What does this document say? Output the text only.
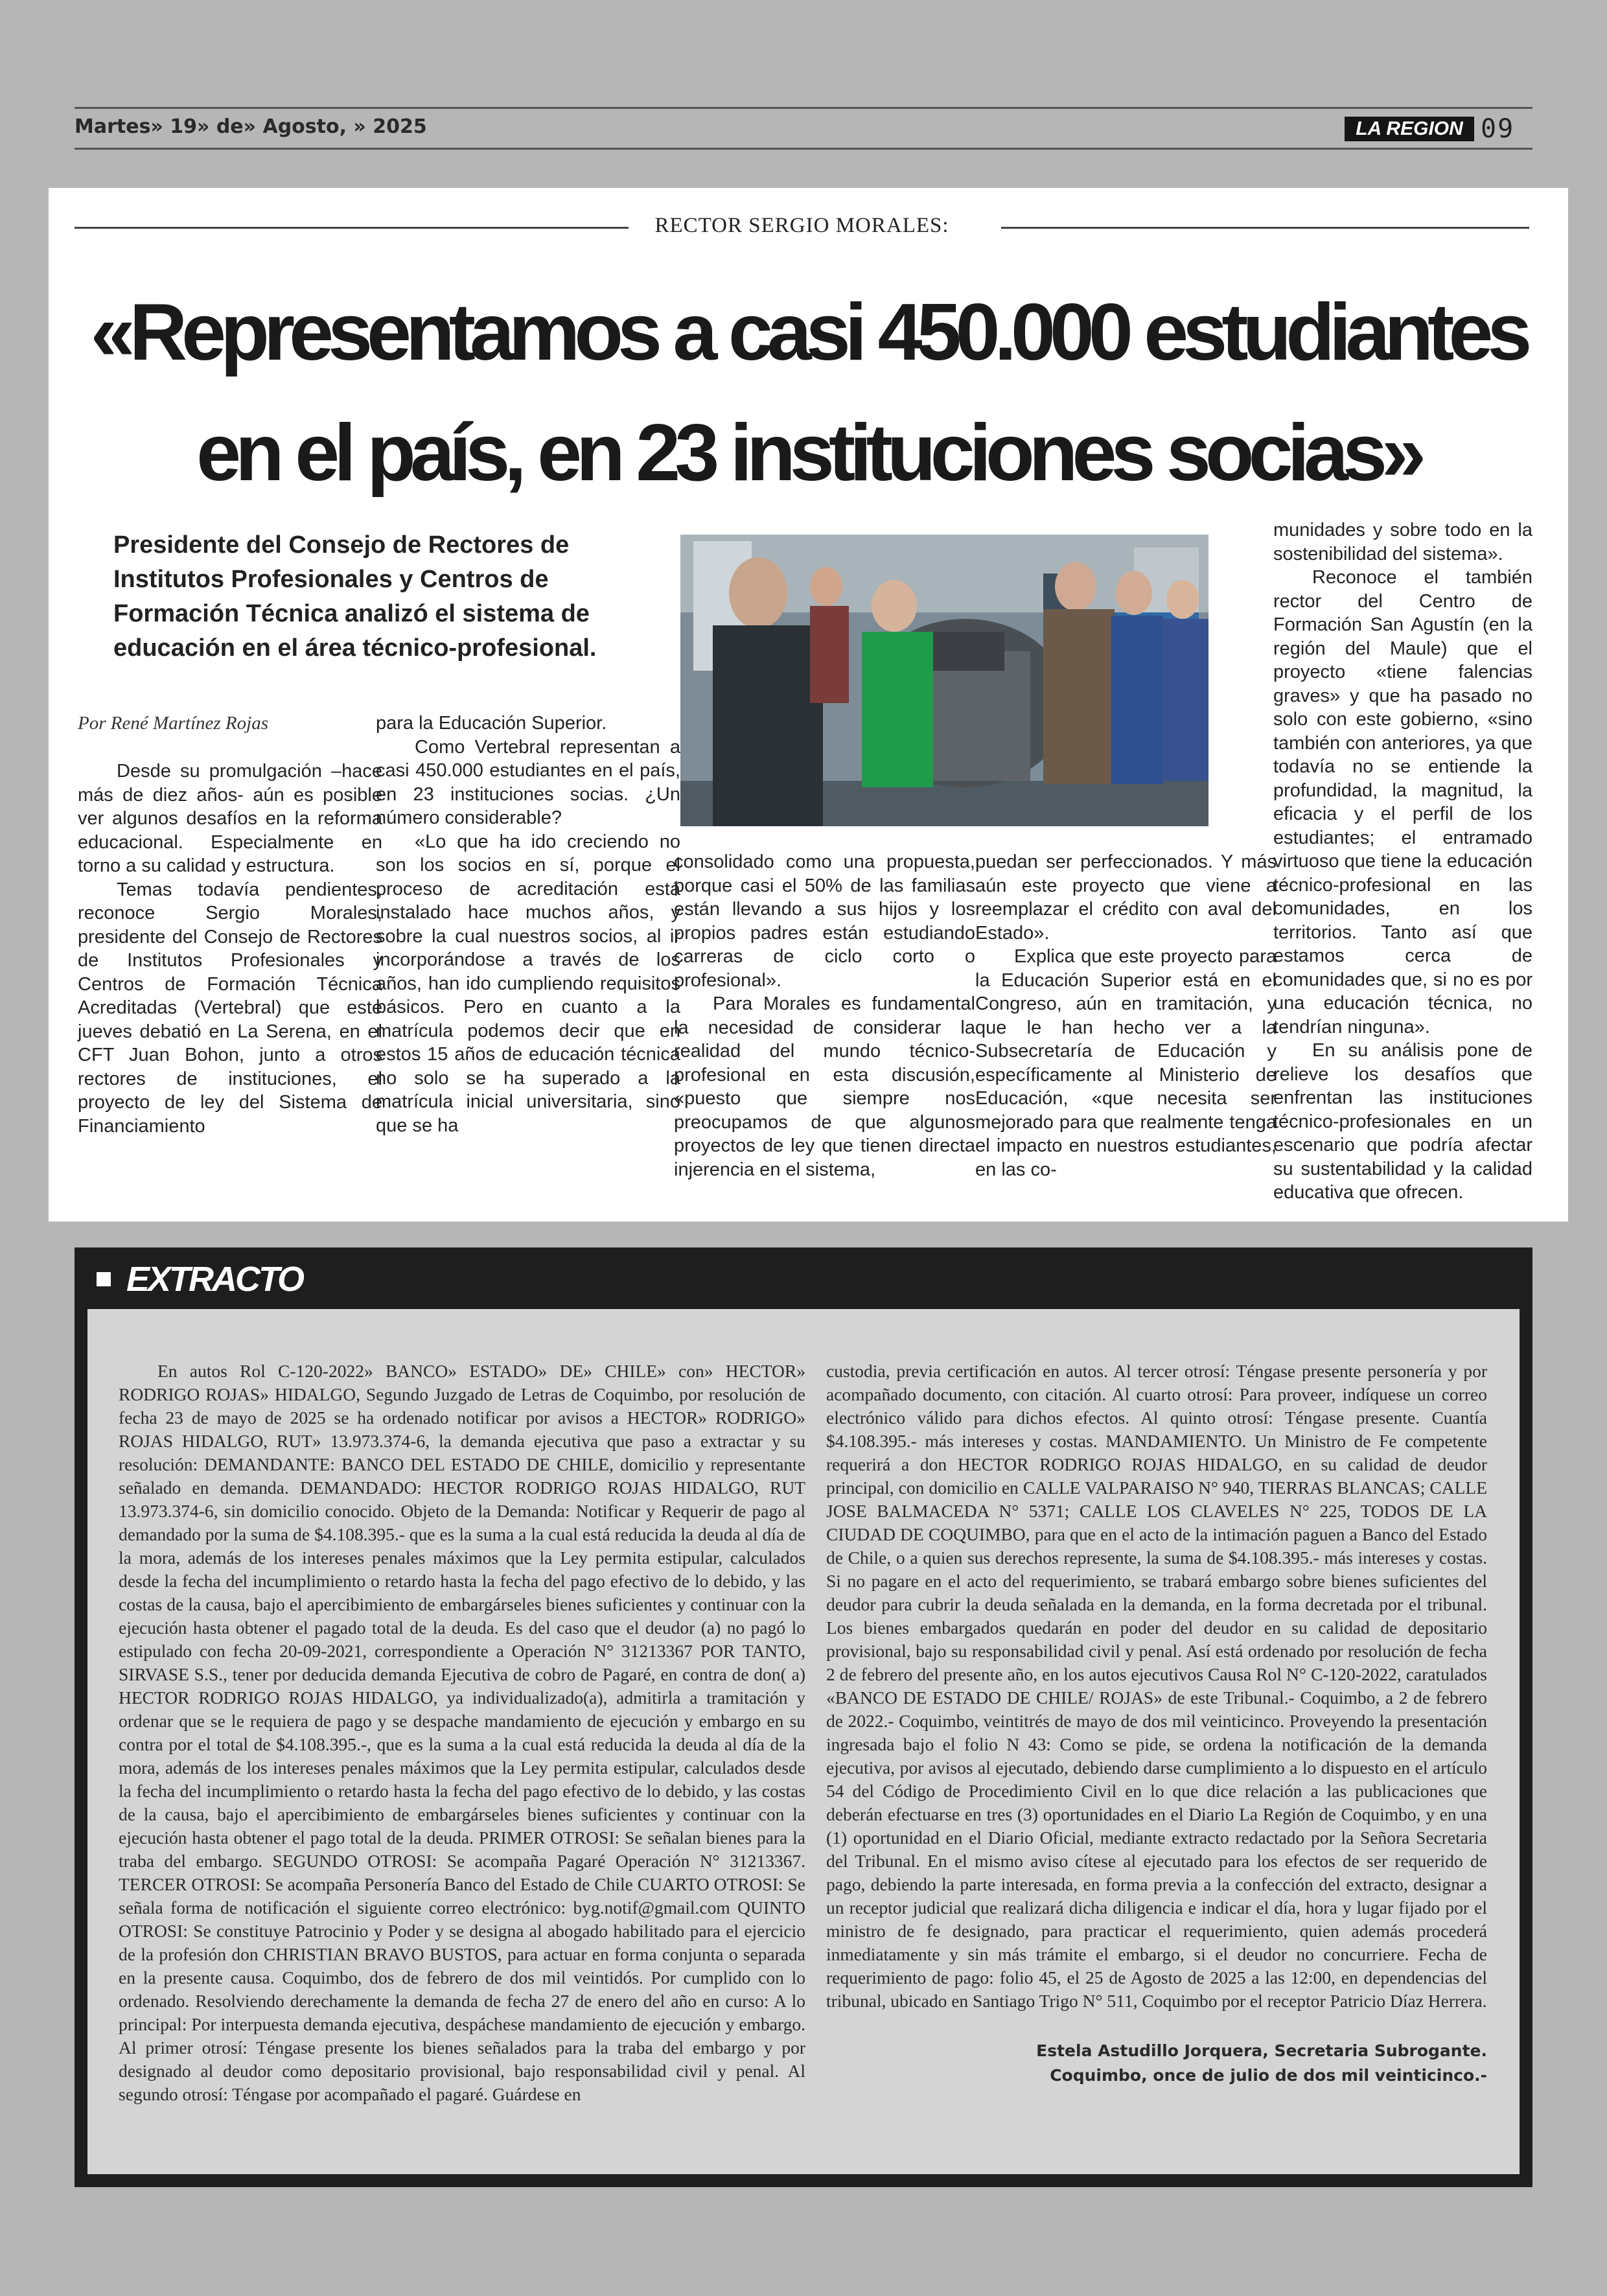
Martes» 19» de» Agosto, » 2025	LA REGION 09
RECTOR SERGIO MORALES:
«Representamos a casi 450.000 estudiantes
en el país, en 23 instituciones socias»
Presidente del Consejo de Rectores de Institutos Profesionales y Centros de Formación Técnica analizó el sistema de educación en el área técnico-profesional.
Por René Martínez Rojas

Desde su promulgación –hace más de diez años- aún es posible ver algunos desafíos en la reforma educacional. Especialmente en torno a su calidad y estructura.

Temas todavía pendientes, reconoce Sergio Morales, presidente del Consejo de Rectores de Institutos Profesionales y Centros de Formación Técnica Acreditadas (Vertebral) que este jueves debatió en La Serena, en el CFT Juan Bohon, junto a otros rectores de instituciones, el proyecto de ley del Sistema de Financiamiento

para la Educación Superior.

Como Vertebral representan a casi 450.000 estudiantes en el país, en 23 instituciones socias. ¿Un número considerable?

«Lo que ha ido creciendo no son los socios en sí, porque el proceso de acreditación está instalado hace muchos años, y sobre la cual nuestros socios, al ir incorporándose a través de los años, han ido cumpliendo requisitos básicos. Pero en cuanto a la matrícula podemos decir que en estos 15 años de educación técnica no solo se ha superado a la matrícula inicial universitaria, sino que se ha

consolidado como una propuesta, porque casi el 50% de las familias están llevando a sus hijos y los propios padres están estudiando carreras de ciclo corto o profesional».

Para Morales es fundamental la necesidad de considerar la realidad del mundo técnico-profesional en esta discusión, «puesto que siempre nos preocupamos de que algunos proyectos de ley que tienen directa injerencia en el sistema,

puedan ser perfeccionados. Y más aún este proyecto que viene a reemplazar el crédito con aval del Estado».

Explica que este proyecto para la Educación Superior está en el Congreso, aún en tramitación, y que le han hecho ver a la Subsecretaría de Educación y específicamente al Ministerio de Educación, «que necesita ser mejorado para que realmente tenga el impacto en nuestros estudiantes, en las co-

munidades y sobre todo en la sostenibilidad del sistema».

Reconoce el también rector del Centro de Formación San Agustín (en la región del Maule) que el proyecto «tiene falencias graves» y que ha pasado no solo con este gobierno, «sino también con anteriores, ya que todavía no se entiende la profundidad, la magnitud, la eficacia y el perfil de los estudiantes; el entramado virtuoso que tiene la educación técnico-profesional en las comunidades, en los territorios. Tanto así que estamos cerca de comunidades que, si no es por una educación técnica, no tendrían ninguna».

En su análisis pone de relieve los desafíos que enfrentan las instituciones técnico-profesionales en un escenario que podría afectar su sustentabilidad y la calidad educativa que ofrecen.

EXTRACTO

En autos Rol C-120-2022» BANCO» ESTADO» DE» CHILE» con» HECTOR» RODRIGO ROJAS» HIDALGO, Segundo Juzgado de Letras de Coquimbo, por resolución de fecha 23 de mayo de 2025 se ha ordenado notificar por avisos a HECTOR» RODRIGO» ROJAS HIDALGO, RUT» 13.973.374-6, la demanda ejecutiva que paso a extractar y su resolución: DEMANDANTE: BANCO DEL ESTADO DE CHILE, domicilio y representante señalado en demanda. DEMANDADO: HECTOR RODRIGO ROJAS HIDALGO, RUT 13.973.374-6, sin domicilio conocido. Objeto de la Demanda: Notificar y Requerir de pago al demandado por la suma de $4.108.395.- que es la suma a la cual está reducida la deuda al día de la mora, además de los intereses penales máximos que la Ley permita estipular, calculados desde la fecha del incumplimiento o retardo hasta la fecha del pago efectivo de lo debido, y las costas de la causa, bajo el apercibimiento de embargárseles bienes suficientes y continuar con la ejecución hasta obtener el pagado total de la deuda. Es del caso que el deudor (a) no pagó lo estipulado con fecha 20-09-2021, correspondiente a Operación N° 31213367 POR TANTO, SIRVASE S.S., tener por deducida demanda Ejecutiva de cobro de Pagaré, en contra de don( a) HECTOR RODRIGO ROJAS HIDALGO, ya individualizado(a), admitirla a tramitación y ordenar que se le requiera de pago y se despache mandamiento de ejecución y embargo en su contra por el total de $4.108.395.-, que es la suma a la cual está reducida la deuda al día de la mora, además de los intereses penales máximos que la Ley permita estipular, calculados desde la fecha del incumplimiento o retardo hasta la fecha del pago efectivo de lo debido, y las costas de la causa, bajo el apercibimiento de embargárseles bienes suficientes y continuar con la ejecución hasta obtener el pago total de la deuda. PRIMER OTROSI: Se señalan bienes para la traba del embargo. SEGUNDO OTROSI: Se acompaña Pagaré Operación N° 31213367. TERCER OTROSI: Se acompaña Personería Banco del Estado de Chile CUARTO OTROSI: Se señala forma de notificación el siguiente correo electrónico: byg.notif@gmail.com QUINTO OTROSI: Se constituye Patrocinio y Poder y se designa al abogado habilitado para el ejercicio de la profesión don CHRISTIAN BRAVO BUSTOS, para actuar en forma conjunta o separada en la presente causa. Coquimbo, dos de febrero de dos mil veintidós. Por cumplido con lo ordenado. Resolviendo derechamente la demanda de fecha 27 de enero del año en curso: A lo principal: Por interpuesta demanda ejecutiva, despáchese mandamiento de ejecución y embargo. Al primer otrosí: Téngase presente los bienes señalados para la traba del embargo y por designado al deudor como depositario provisional, bajo responsabilidad civil y penal. Al segundo otrosí: Téngase por acompañado el pagaré. Guárdese en

custodia, previa certificación en autos. Al tercer otrosí: Téngase presente personería y por acompañado documento, con citación. Al cuarto otrosí: Para proveer, indíquese un correo electrónico válido para dichos efectos. Al quinto otrosí: Téngase presente. Cuantía $4.108.395.- más intereses y costas. MANDAMIENTO. Un Ministro de Fe competente requerirá a don HECTOR RODRIGO ROJAS HIDALGO, en su calidad de deudor principal, con domicilio en CALLE VALPARAISO N° 940, TIERRAS BLANCAS; CALLE JOSE BALMACEDA N° 5371; CALLE LOS CLAVELES N° 225, TODOS DE LA CIUDAD DE COQUIMBO, para que en el acto de la intimación paguen a Banco del Estado de Chile, o a quien sus derechos represente, la suma de $4.108.395.- más intereses y costas. Si no pagare en el acto del requerimiento, se trabará embargo sobre bienes suficientes del deudor para cubrir la deuda señalada en la demanda, en la forma decretada por el tribunal. Los bienes embargados quedarán en poder del deudor en su calidad de depositario provisional, bajo su responsabilidad civil y penal. Así está ordenado por resolución de fecha 2 de febrero del presente año, en los autos ejecutivos Causa Rol N° C-120-2022, caratulados «BANCO DE ESTADO DE CHILE/ ROJAS» de este Tribunal.- Coquimbo, a 2 de febrero de 2022.- Coquimbo, veintitrés de mayo de dos mil veinticinco. Proveyendo la presentación ingresada bajo el folio N 43: Como se pide, se ordena la notificación de la demanda ejecutiva, por avisos al ejecutado, debiendo darse cumplimiento a lo dispuesto en el artículo 54 del Código de Procedimiento Civil en lo que dice relación a las publicaciones que deberán efectuarse en tres (3) oportunidades en el Diario La Región de Coquimbo, y en una (1) oportunidad en el Diario Oficial, mediante extracto redactado por la Señora Secretaria del Tribunal. En el mismo aviso cítese al ejecutado para los efectos de ser requerido de pago, debiendo la parte interesada, en forma previa a la confección del extracto, designar a un receptor judicial que realizará dicha diligencia e indicar el día, hora y lugar fijado por el ministro de fe designado, para practicar el requerimiento, quien además procederá inmediatamente y sin más trámite el embargo, si el deudor no concurriere. Fecha de requerimiento de pago: folio 45, el 25 de Agosto de 2025 a las 12:00, en dependencias del tribunal, ubicado en Santiago Trigo N° 511, Coquimbo por el receptor Patricio Díaz Herrera.

Estela Astudillo Jorquera, Secretaria Subrogante.
Coquimbo, once de julio de dos mil veinticinco.-
